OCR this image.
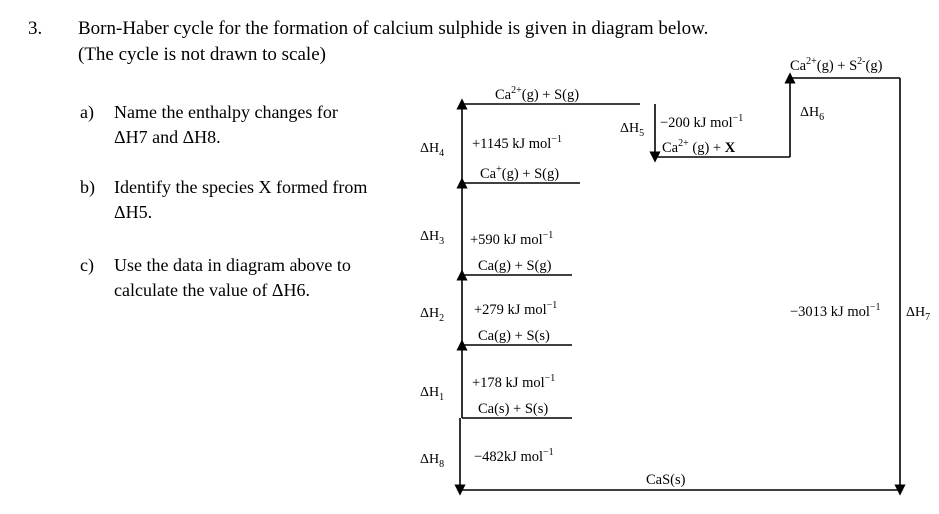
3. Born-Haber cycle for the formation of calcium sulphide is given in diagram below.
(The cycle is not drawn to scale)
a) Name the enthalpy changes for
ΔH7 and ΔH8.
b) Identify the species X formed from
ΔH5.
c) Use the data in diagram above to
calculate the value of ΔH6.
$Ca^{2+}(g) + S(g)$
Ca+(g) + S(g)
Ca(g) + S(g)
Ca(g) + S(s)
Ca(s) + S(s)
CaS(s)
$Ca^{2+}$ (g) + X
$Ca^{2+}(g) + S^{2-}(g)$
+1145 kJ mol$^{-1}$
+590 kJ mol$^{-1}$
+279 kJ mol$^{-1}$
+178 kJ mol$^{-1}$
−482kJ mol$^{-1}$
−200 kJ mol$^{-1}$
−3013 kJ mol$^{-1}$
$\Delta H_4$
$\Delta H_3$
$\Delta H_2$
$\Delta H_1$
$\Delta H_8$
$\Delta H_5$
$\Delta H_6$
$\Delta H_7$
